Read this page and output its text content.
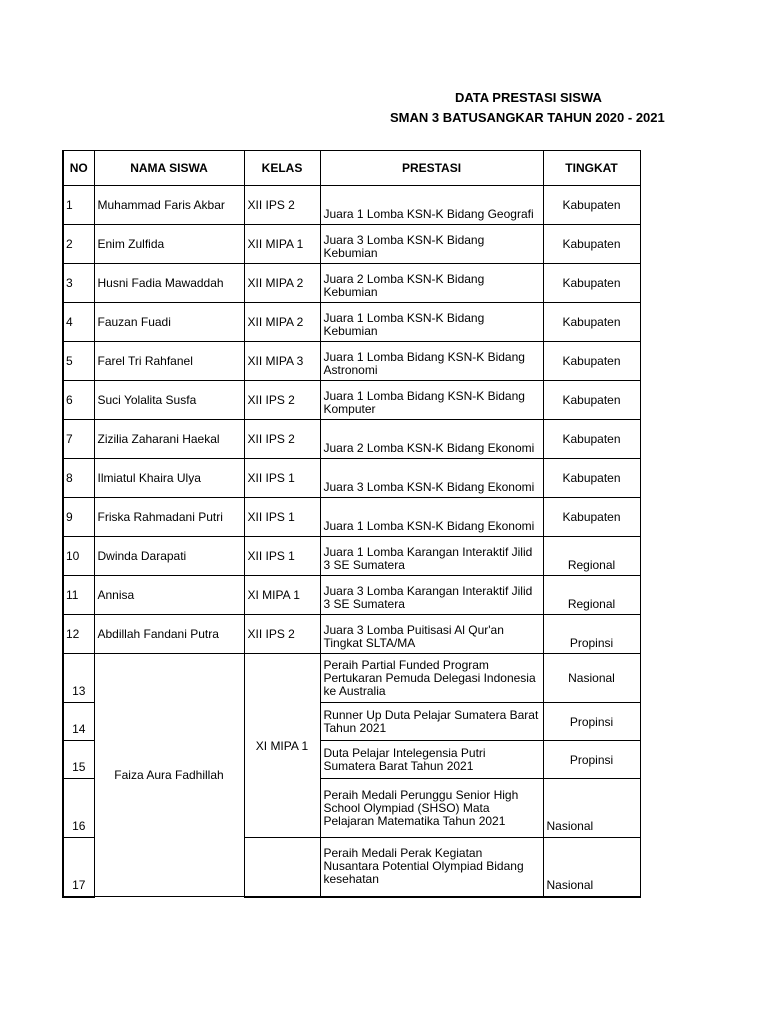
DATA PRESTASI SISWA
SMAN 3 BATUSANGKAR TAHUN 2020 - 2021
NO	NAMA SISWA	KELAS	PRESTASI	TINGKAT
1	Muhammad Faris Akbar	XII IPS 2	Juara 1 Lomba KSN-K Bidang Geografi	Kabupaten
2	Enim Zulfida	XII MIPA 1	Juara 3 Lomba KSN-K Bidang Kebumian	Kabupaten
3	Husni Fadia Mawaddah	XII MIPA 2	Juara 2 Lomba KSN-K Bidang Kebumian	Kabupaten
4	Fauzan Fuadi	XII MIPA 2	Juara 1 Lomba KSN-K Bidang Kebumian	Kabupaten
5	Farel Tri Rahfanel	XII MIPA 3	Juara 1 Lomba Bidang KSN-K Bidang Astronomi	Kabupaten
6	Suci Yolalita Susfa	XII IPS 2	Juara 1 Lomba Bidang KSN-K Bidang Komputer	Kabupaten
7	Zizilia Zaharani Haekal	XII IPS 2	Juara 2 Lomba KSN-K Bidang Ekonomi	Kabupaten
8	Ilmiatul Khaira Ulya	XII IPS 1	Juara 3 Lomba KSN-K Bidang Ekonomi	Kabupaten
9	Friska Rahmadani Putri	XII IPS 1	Juara 1 Lomba KSN-K Bidang Ekonomi	Kabupaten
10	Dwinda Darapati	XII IPS 1	Juara 1 Lomba Karangan Interaktif Jilid 3 SE Sumatera	Regional
11	Annisa	XI MIPA 1	Juara 3 Lomba Karangan Interaktif Jilid 3 SE Sumatera	Regional
12	Abdillah Fandani Putra	XII IPS 2	Juara 3 Lomba Puitisasi Al Qur'an Tingkat SLTA/MA	Propinsi
13	Faiza Aura Fadhillah	XI MIPA 1	Peraih Partial Funded Program Pertukaran Pemuda Delegasi Indonesia ke Australia	Nasional
14			Runner Up Duta Pelajar Sumatera Barat Tahun 2021	Propinsi
15			Duta Pelajar Intelegensia Putri Sumatera Barat Tahun 2021	Propinsi
16			Peraih Medali Perunggu Senior High School Olympiad (SHSO) Mata Pelajaran Matematika Tahun 2021	Nasional
17			Peraih Medali Perak Kegiatan Nusantara Potential Olympiad Bidang kesehatan	Nasional
